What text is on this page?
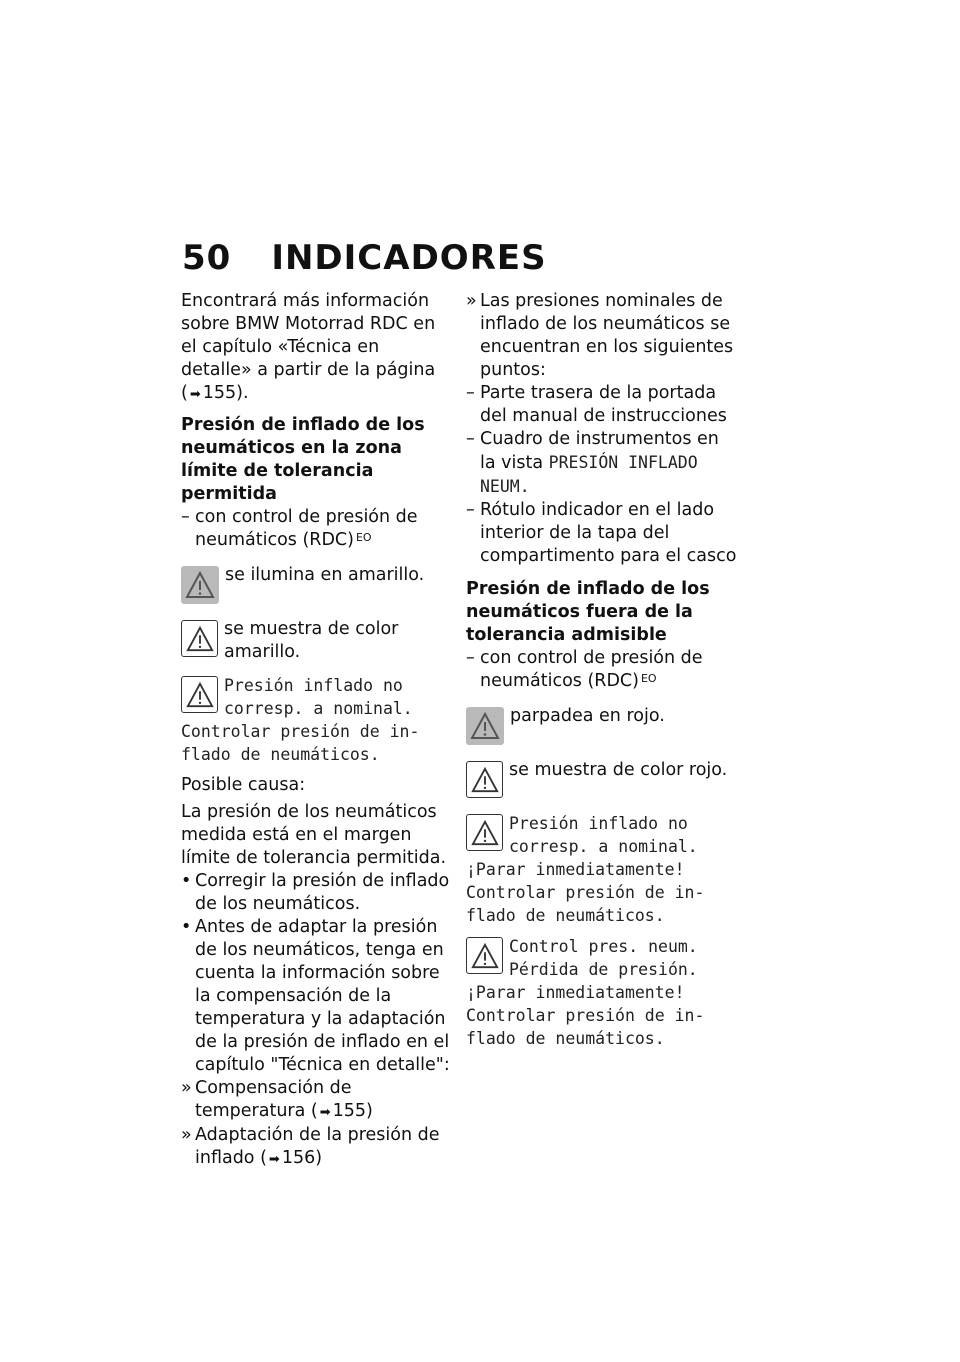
50 INDICADORES

Encontrará más información sobre BMW Motorrad RDC en el capítulo «Técnica en detalle» a partir de la página ( ➡ 155).

Presión de inflado de los neumáticos en la zona límite de tolerancia permitida
– con control de presión de neumáticos (RDC) $^{EO}$

se ilumina en amarillo.

se muestra de color amarillo.

Presión inflado no
corresp. a nominal.
Controlar presión de in-
flado de neumáticos.

Posible causa:

La presión de los neumáticos medida está en el margen límite de tolerancia permitida.

• Corregir la presión de inflado de los neumáticos.
• Antes de adaptar la presión de los neumáticos, tenga en cuenta la información sobre la compensación de la temperatura y la adaptación de la presión de inflado en el capítulo "Técnica en detalle":
» Compensación de temperatura ( ➡ 155)
» Adaptación de la presión de inflado ( ➡ 156)
» Las presiones nominales de inflado de los neumáticos se encuentran en los siguientes puntos:
– Parte trasera de la portada del manual de instrucciones
– Cuadro de instrumentos en la vista PRESIÓN INFLADO NEUM.
– Rótulo indicador en el lado interior de la tapa del compartimento para el casco
Presión de inflado de los neumáticos fuera de la tolerancia admisible
– con control de presión de neumáticos (RDC) $^{EO}$

parpadea en rojo.

se muestra de color rojo.

Presión inflado no
corresp. a nominal.
¡Parar inmediatamente!
Controlar presión de in-
flado de neumáticos.
Control pres. neum.
Pérdida de presión.
¡Parar inmediatamente!
Controlar presión de in-
flado de neumáticos.
